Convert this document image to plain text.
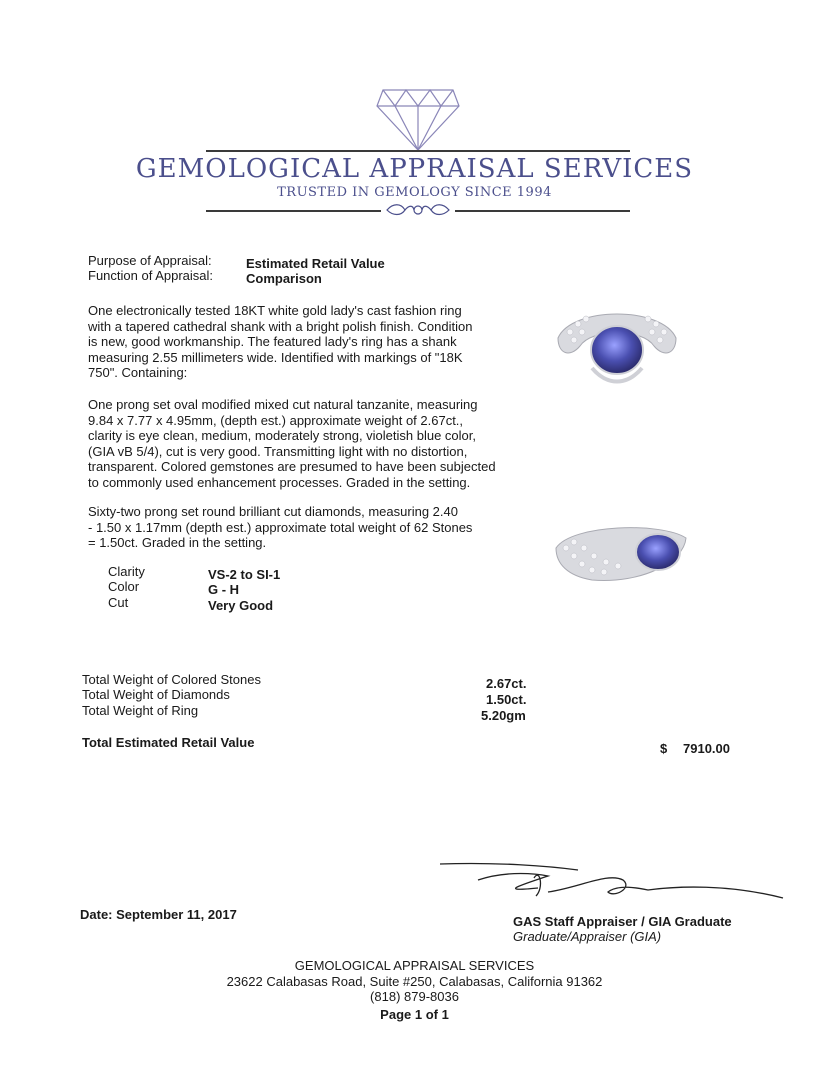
GEMOLOGICAL APPRAISAL SERVICES
TRUSTED IN GEMOLOGY SINCE 1994
Purpose of Appraisal:	Estimated Retail Value
Function of Appraisal:	Comparison
One electronically tested 18KT white gold lady's cast fashion ring
with a tapered cathedral shank with a bright polish finish. Condition
is new, good workmanship. The featured lady's ring has a shank
measuring 2.55 millimeters wide. Identified with markings of "18K
750". Containing:
One prong set oval modified mixed cut natural tanzanite, measuring
9.84 x 7.77 x 4.95mm, (depth est.) approximate weight of 2.67ct.,
clarity is eye clean, medium, moderately strong, violetish blue color,
(GIA vB 5/4), cut is very good. Transmitting light with no distortion,
transparent. Colored gemstones are presumed to have been subjected
to commonly used enhancement processes. Graded in the setting.
Sixty-two prong set round brilliant cut diamonds, measuring 2.40
- 1.50 x 1.17mm (depth est.) approximate total weight of 62 Stones
= 1.50ct. Graded in the setting.
Clarity	VS-2 to SI-1
Color	G - H
Cut	Very Good
Total Weight of Colored Stones	2.67ct.
Total Weight of Diamonds	1.50ct.
Total Weight of Ring	5.20gm
Total Estimated Retail Value	$ 7910.00
Date: September 11, 2017	GAS Staff Appraiser / GIA Graduate
Graduate/Appraiser (GIA)
GEMOLOGICAL APPRAISAL SERVICES
23622 Calabasas Road, Suite #250, Calabasas, California 91362
(818) 879-8036
Page 1 of 1
